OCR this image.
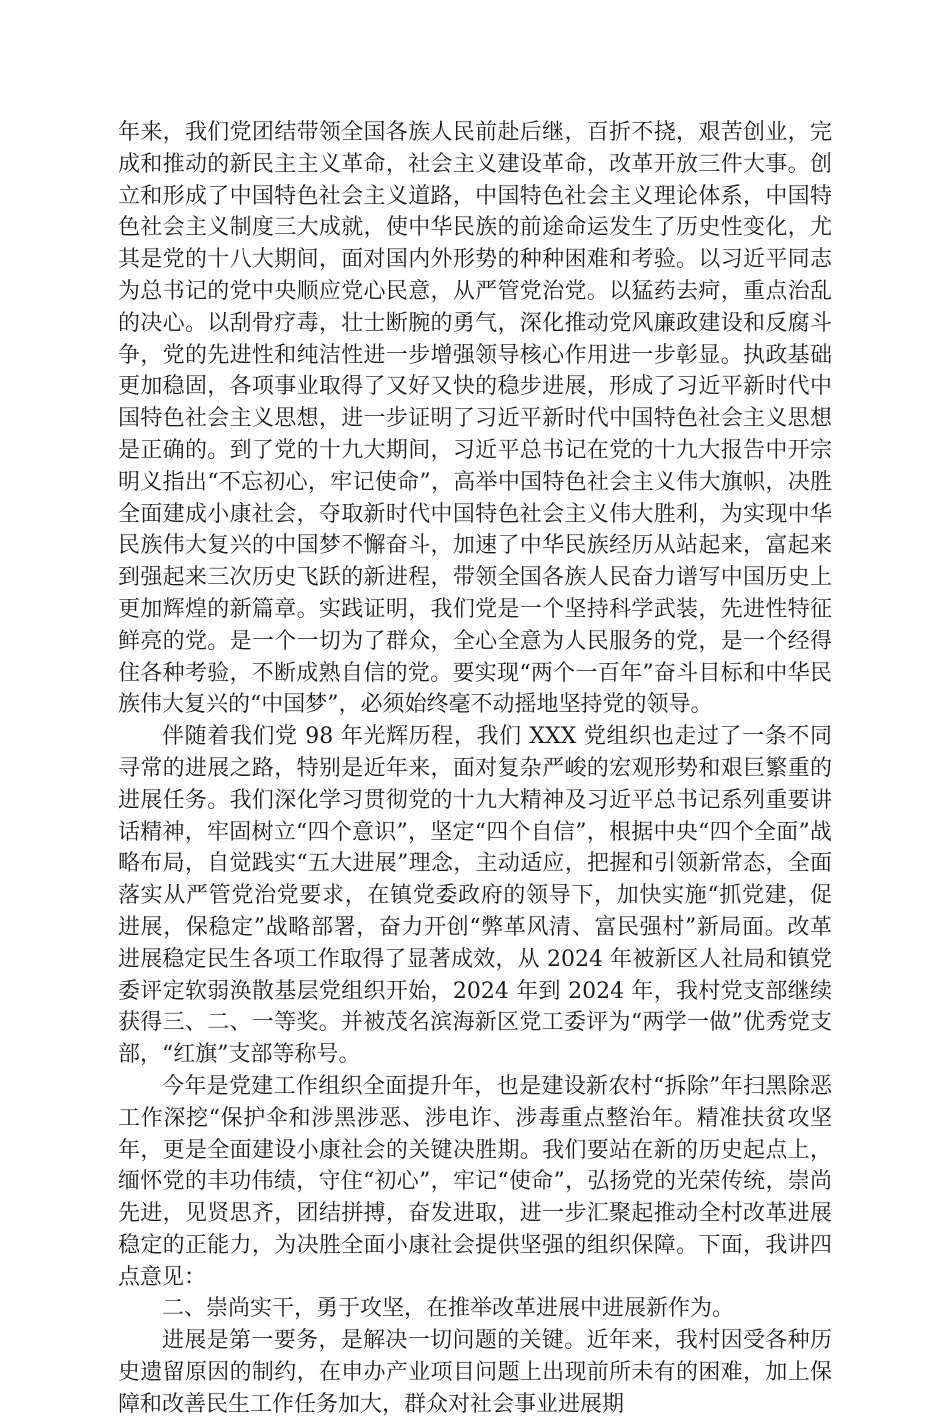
年来，我们党团结带领全国各族人民前赴后继，百折不挠，艰苦创业，完成和推动的新民主主义革命，社会主义建设革命，改革开放三件大事。创立和形成了中国特色社会主义道路，中国特色社会主义理论体系，中国特色社会主义制度三大成就，使中华民族的前途命运发生了历史性变化，尤其是党的十八大期间，面对国内外形势的种种困难和考验。以习近平同志为总书记的党中央顺应党心民意，从严管党治党。以猛药去疴，重点治乱的决心。以刮骨疗毒，壮士断腕的勇气，深化推动党风廉政建设和反腐斗争，党的先进性和纯洁性进一步增强领导核心作用进一步彰显。执政基础更加稳固，各项事业取得了又好又快的稳步进展，形成了习近平新时代中国特色社会主义思想，进一步证明了习近平新时代中国特色社会主义思想是正确的。到了党的十九大期间，习近平总书记在党的十九大报告中开宗明义指出“不忘初心，牢记使命”，高举中国特色社会主义伟大旗帜，决胜全面建成小康社会，夺取新时代中国特色社会主义伟大胜利，为实现中华民族伟大复兴的中国梦不懈奋斗，加速了中华民族经历从站起来，富起来到强起来三次历史飞跃的新进程，带领全国各族人民奋力谱写中国历史上更加辉煌的新篇章。实践证明，我们党是一个坚持科学武装，先进性特征鲜亮的党。是一个一切为了群众，全心全意为人民服务的党，是一个经得住各种考验，不断成熟自信的党。要实现“两个一百年”奋斗目标和中华民族伟大复兴的“中国梦”，必须始终毫不动摇地坚持党的领导。

伴随着我们党 98 年光辉历程，我们 XXX 党组织也走过了一条不同寻常的进展之路，特别是近年来，面对复杂严峻的宏观形势和艰巨繁重的进展任务。我们深化学习贯彻党的十九大精神及习近平总书记系列重要讲话精神，牢固树立“四个意识”，坚定“四个自信”，根据中央“四个全面”战略布局，自觉践实“五大进展”理念，主动适应，把握和引领新常态，全面落实从严管党治党要求，在镇党委政府的领导下，加快实施“抓党建，促进展，保稳定”战略部署，奋力开创“弊革风清、富民强村”新局面。改革进展稳定民生各项工作取得了显著成效，从 2024 年被新区人社局和镇党委评定软弱涣散基层党组织开始，2024 年到 2024 年，我村党支部继续获得三、二、一等奖。并被茂名滨海新区党工委评为“两学一做”优秀党支部，“红旗”支部等称号。

今年是党建工作组织全面提升年，也是建设新农村“拆除”年扫黑除恶工作深挖“保护伞和涉黑涉恶、涉电诈、涉毒重点整治年。精准扶贫攻坚年，更是全面建设小康社会的关键决胜期。我们要站在新的历史起点上，缅怀党的丰功伟绩，守住“初心”，牢记“使命”，弘扬党的光荣传统，崇尚先进，见贤思齐，团结拼搏，奋发进取，进一步汇聚起推动全村改革进展稳定的正能力，为决胜全面小康社会提供坚强的组织保障。下面，我讲四点意见：

二、崇尚实干，勇于攻坚，在推举改革进展中进展新作为。

进展是第一要务，是解决一切问题的关键。近年来，我村因受各种历史遗留原因的制约，在申办产业项目问题上出现前所未有的困难，加上保障和改善民生工作任务加大，群众对社会事业进展期
